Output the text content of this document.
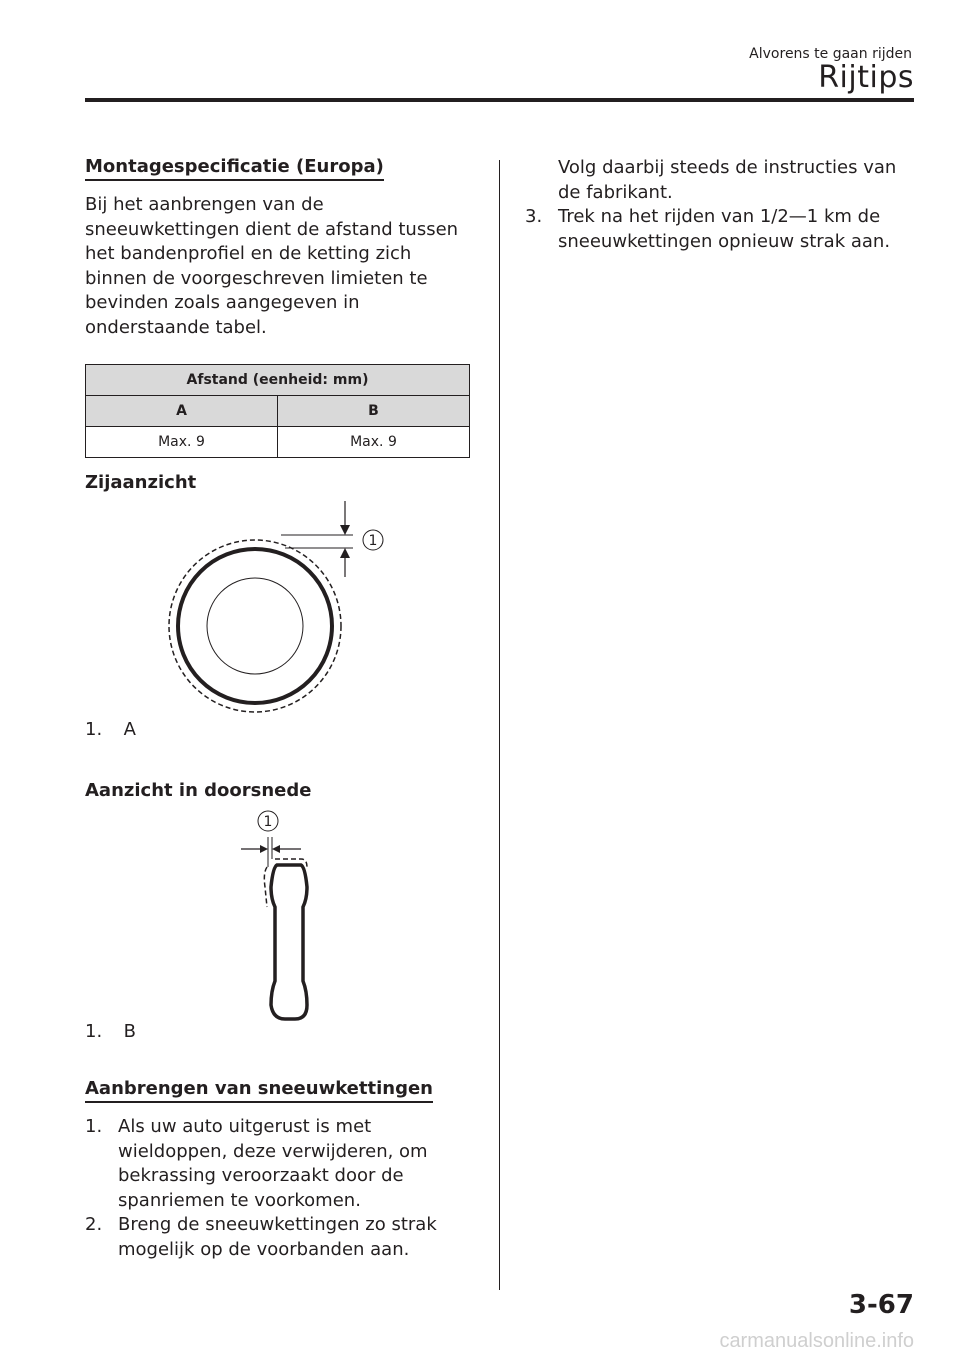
Alvorens te gaan rijden
Rijtips
Montagespecificatie (Europa)

Bij het aanbrengen van de sneeuwkettingen dient de afstand tussen het bandenprofiel en de ketting zich binnen de voorgeschreven limieten te bevinden zoals aangegeven in onderstaande tabel.

Afstand (eenheid: mm)	
A	B
Max. 9	Max. 9

Zijaanzicht

1

1. A

Aanzicht in doorsnede

1

1. B

Aanbrengen van sneeuwkettingen
1. Als uw auto uitgerust is met wieldoppen, deze verwijderen, om bekrassing veroorzaakt door de spanriemen te voorkomen.
2. Breng de sneeuwkettingen zo strak mogelijk op de voorbanden aan.

Volg daarbij steeds de instructies van de fabrikant.

3. Trek na het rijden van 1/2—1 km de sneeuwkettingen opnieuw strak aan.
3-67
carmanualsonline.info
